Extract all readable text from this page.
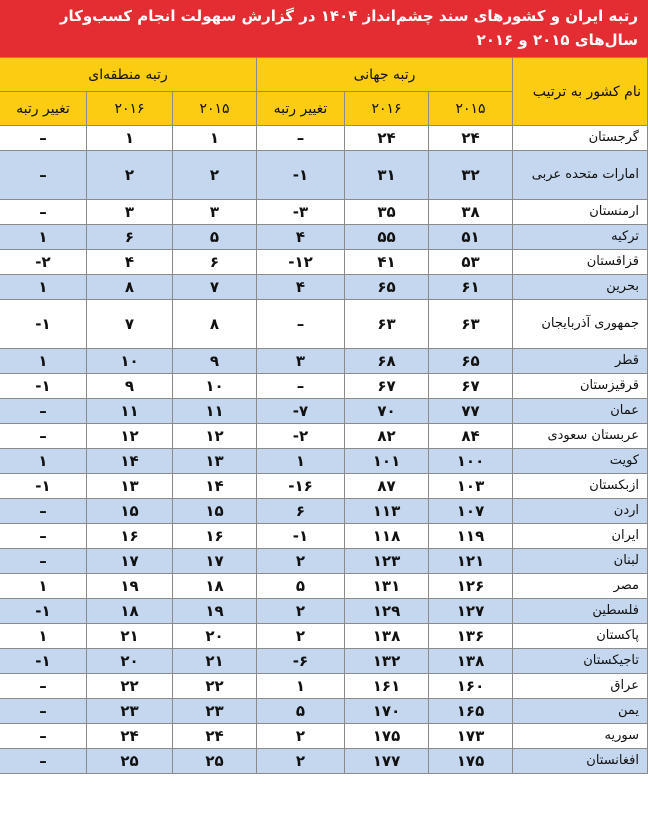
رتبه ایران و کشورهای سند چشم‌انداز ۱۴۰۴ در گزارش سهولت انجام کسب‌وکار
سال‌های ۲۰۱۵ و ۲۰۱۶
نام کشور به ترتیب	رتبه جهانی			رتبه منطقه‌ای		
	۲۰۱۵	۲۰۱۶	تغییر رتبه	۲۰۱۵	۲۰۱۶	تغییر رتبه
گرجستان	۲۴	۲۴	–	۱	۱	–
امارات متحده عربی	۳۲	۳۱	۱-	۲	۲	–
ارمنستان	۳۸	۳۵	۳-	۳	۳	–
ترکیه	۵۱	۵۵	۴	۵	۶	۱
قزاقستان	۵۳	۴۱	۱۲-	۶	۴	۲-
بحرین	۶۱	۶۵	۴	۷	۸	۱
جمهوری آذربایجان	۶۳	۶۳	–	۸	۷	۱-
قطر	۶۵	۶۸	۳	۹	۱۰	۱
قرقیزستان	۶۷	۶۷	–	۱۰	۹	۱-
عمان	۷۷	۷۰	۷-	۱۱	۱۱	–
عربستان سعودی	۸۴	۸۲	۲-	۱۲	۱۲	–
کویت	۱۰۰	۱۰۱	۱	۱۳	۱۴	۱
ازبکستان	۱۰۳	۸۷	۱۶-	۱۴	۱۳	۱-
اردن	۱۰۷	۱۱۳	۶	۱۵	۱۵	–
ایران	۱۱۹	۱۱۸	۱-	۱۶	۱۶	–
لبنان	۱۲۱	۱۲۳	۲	۱۷	۱۷	–
مصر	۱۲۶	۱۳۱	۵	۱۸	۱۹	۱
فلسطین	۱۲۷	۱۲۹	۲	۱۹	۱۸	۱-
پاکستان	۱۳۶	۱۳۸	۲	۲۰	۲۱	۱
تاجیکستان	۱۳۸	۱۳۲	۶-	۲۱	۲۰	۱-
عراق	۱۶۰	۱۶۱	۱	۲۲	۲۲	–
یمن	۱۶۵	۱۷۰	۵	۲۳	۲۳	–
سوریه	۱۷۳	۱۷۵	۲	۲۴	۲۴	–
افغانستان	۱۷۵	۱۷۷	۲	۲۵	۲۵	–
